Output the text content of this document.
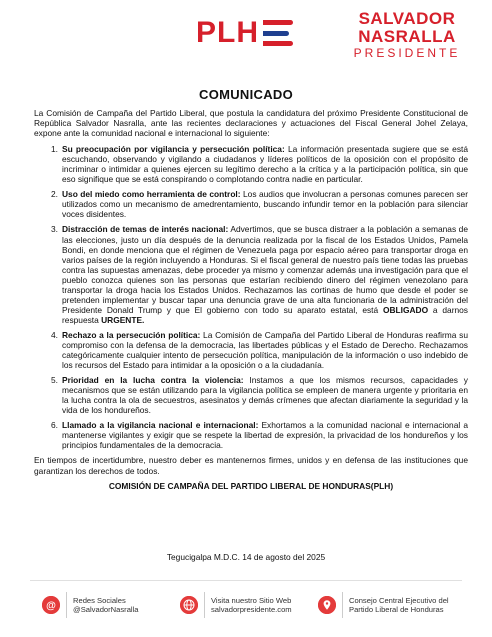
PLH	SALVADOR
NASRALLA
PRESIDENTE
COMUNICADO

La Comisión de Campaña del Partido Liberal, que postula la candidatura del próximo Presidente Constitucional de República Salvador Nasralla, ante las recientes declaraciones y actuaciones del Fiscal General Johel Zelaya, expone ante la comunidad nacional e internacional lo siguiente:

1. Su preocupación por vigilancia y persecución política: La información presentada sugiere que se está escuchando, observando y vigilando a ciudadanos y líderes políticos de la oposición con el propósito de incriminar o intimidar a quienes ejercen su legítimo derecho a la crítica y a la participación política, sin que eso signifique que se está conspirando o complotando contra nadie en particular.
2. Uso del miedo como herramienta de control: Los audios que involucran a personas comunes parecen ser utilizados como un mecanismo de amedrentamiento, buscando infundir temor en la población para silenciar voces disidentes.
3. Distracción de temas de interés nacional: Advertimos, que se busca distraer a la población a semanas de las elecciones, justo un día después de la denuncia realizada por la fiscal de los Estados Unidos, Pamela Bondi, en donde menciona que el régimen de Venezuela paga por espacio aéreo para transportar droga en varios países de la región incluyendo a Honduras. Si el fiscal general de nuestro país tiene todas las pruebas contra las supuestas amenazas, debe proceder ya mismo y comenzar además una investigación para que el pueblo conozca quienes son las personas que estarían recibiendo dinero del régimen venezolano para transportar la droga hacia los Estados Unidos. Rechazamos las cortinas de humo que desde el poder se pretenden implementar y buscar tapar una denuncia grave de una alta funcionaria de la administración del Presidente Donald Trump y que El gobierno con todo su aparato estatal, está OBLIGADO a darnos respuesta URGENTE.
4. Rechazo a la persecución política: La Comisión de Campaña del Partido Liberal de Honduras reafirma su compromiso con la defensa de la democracia, las libertades públicas y el Estado de Derecho. Rechazamos categóricamente cualquier intento de persecución política, manipulación de la información o uso indebido de los recursos del Estado para intimidar a la oposición o a la ciudadanía.
5. Prioridad en la lucha contra la violencia: Instamos a que los mismos recursos, capacidades y mecanismos que se están utilizando para la vigilancia política se empleen de manera urgente y prioritaria en la lucha contra la ola de secuestros, asesinatos y demás crímenes que afectan diariamente la seguridad y la vida de los hondureños.
6. Llamado a la vigilancia nacional e internacional: Exhortamos a la comunidad nacional e internacional a mantenerse vigilantes y exigir que se respete la libertad de expresión, la privacidad de los hondureños y los principios fundamentales de la democracia.

En tiempos de incertidumbre, nuestro deber es mantenernos firmes, unidos y en defensa de las instituciones que garantizan los derechos de todos.

COMISIÓN DE CAMPAÑA DEL PARTIDO LIBERAL DE HONDURAS(PLH)

Tegucigalpa M.D.C. 14 de agosto del 2025
@ Redes Sociales
@SalvadorNasralla
Visita nuestro Sitio Web
salvadorpresidente.com
Consejo Central Ejecutivo del
Partido Liberal de Honduras
